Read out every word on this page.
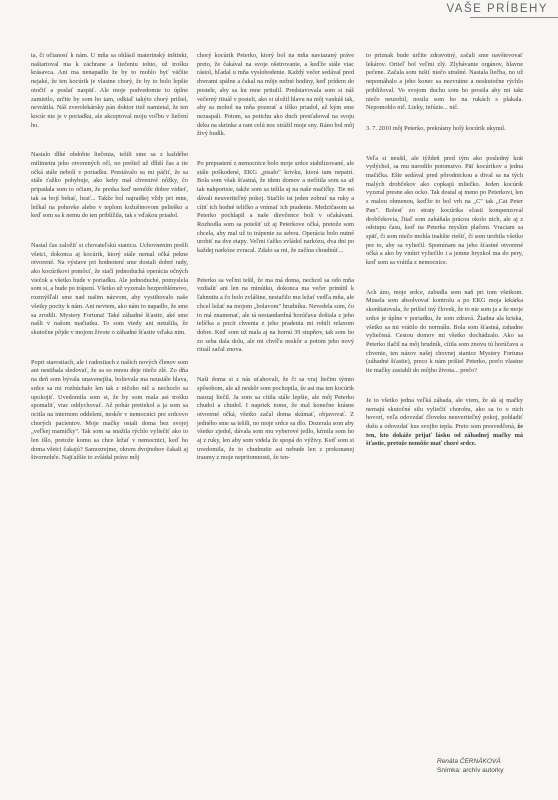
VAŠE PRÍBEHY

ta, či očianosť k nám. U mňa sa ohlásil materinský inštinkt, naštartoval ma k záchrane a liečeniu tohto, už trošku krásavca. Ani ma nenapadlo že by to mohlo byť väčšie nejaké, že ten kocúrik je vlastne chorý, že by to bolo lepšie otočiť a poslať naspäť. Ale moje podvedomie to úplne zamietlo, určite by som ho tam, odkiaľ takýto chorý prišiel, nevrátila. Náš zverolekársky pán doktor tiež namietal, že ten kocúr nie je v poriadku, ale akceptoval moju voľbu v liečení ho.

Nastalo dlhé obdobie liečenia, tešili sme sa z každého milimetra jeho otvorených očí, no prešiel už dlhší čas a tie očká stále nebolí v poriadku. Prestávalo sa mi páčiť, že sa stále ťažko pohybuje, ako keby mal chvenivé nôžky, čo pripadala som to očiam, že predsa keď nemôže dobre vidieť, tak sa bojí behať, hrať... Takže bol najradšej vždy pri mne, ležkal na pohovke alebo v teplom kožušinovom pelieško a keď som sa k nemu do ten priblížila, tak s vďakou priadol.

Nastal čas založiť si chovateľskú stanicu. Uchovnenim prešli všetci, dokonca aj kocúrik, ktorý stále nemal očká pekne otvorené. Na výstave pri hodnotení sme dostali dobré rady, ako kocúrikovi pomôcť, že stačí jednoduchá operácia očných viečok a všetko bude v poriadku. Ale jednoduché, pomyslela som si, a bude po trápení. Všetko už vyzeralo bezproblémovo, rozmýšľali sme nad našim názvom, aby vystihovalo naše všetky pocity k nám. Ani neviem, ako nám to napadlo, že sme sa zrodili. Mystery Fortuna! Také záhadné šťastie, aké sme našli v našom mačiatku. To som vtedy ani netušila, že skutočne pôjde v mojom živote o záhadné šťastie vďaka nim.

Popri starostiach, ale i radostiach z našich nových členov som ani nestihala sledovať, že sa so mnou deje niečo zlé. Zo dňa na deň som bývala unavenejšia, bolievala ma neustále hlava, srdce sa mi rozbúchalo len tak z ničoho nič a nechcelo sa upokojiť. Uvedomila som si, že by som mala asi trošku spomaliť, viac oddychovať. Až pohár pretiekol a ja som sa ocitla na internom oddelení, neskôr v nemocnici pre srdcovo chorých pacientov. Moje mačky ostali doma bez svojej „veľkej mamičky". Tak som sa snažila rýchlo vyliečiť ako to len išlo, pretože komu sa chce ležať v nemocnici, keď ho doma všetci čakajú? Samozrejme, okrem dvojnohov čakali aj štvornohče. Najťažšie to zvládal práve môj

chorý kocúrik Peterko, ktorý bol na mňa naviazaný práve preto, že čakával na svoje ošetrovanie, a keďže stále viac rástol, hľadal u mňa vyslobodenie. Každý večer sedával pred dverami spálne a čakal na môje nežné hodiny, keď prídem do postele, aby sa ku mne pritulil. Predstavovala som si náš večerný rituál v posteli, ako si uložil hlavu na môj vankúš tak, aby sa mohol na mňa pozerať a tíško priadol, až kým sme nezaspali. Potom, sa potichu ako duch presťahoval na svoju deku na skrinke a ram celú noc strážil moje sny. Ráno bol môj živý budík.

Po prepustení z nemocnice bolo moje srdce stabilizované, ale stále poškodené, EKG „pisalo" krivku, ktorá tam nepatrí. Bola som však šťastná, že idem domov a nečítila som sa až tak nahportsie, takže som sa tešila aj na naše mačičky. Tie mi dávali neuveriteľný pokoj. Stačilo ist jeden zobrať na ruky a cítiť ich hodné teličko a vnímať ich pradenie. Medzičasom sa Peterko pochlapil a naše dievčence boli v očakávaní. Rozhodla som sa potešiť už aj Peterkove očká, pretože som chcela, aby mal už to trápenie za sebou. Operácia bolo nutné urobiť na dve etapy. Veľmi ťažko zvládol narkózu, dva dni po každej narkóze zvracal. Zdalo sa mi, že začína chradnúť...

Peterko sa veľmi tešil, že ma má doma, nechcel sa odo mňa vzdialiť ani len na minútku, dokonca ma večer prinútil k ľahnutiu a čo bolo zvláštne, nestačilo mu ležať vedľa mňa, ale chcel ležať na mojom „bolavom" hrudníku. Nevedela som, čo to má znamenať, ale tá nestandardná horúčava došiala z jeho telíčka a pocit chvenia z jeho pradenia mi robili relaxom dobre. Keď som už mala aj na hornú 39 stupňov, tak som ho zo seba dala dolu, ale mi chvíľu neskôr a potom jeho nový rituál začal znova.

Naši doma si z nás uťahovali, že či sa vraj liečim týmto spôsobom, ale až neskôr som pochopila, že asi ma ten kocúrik naozaj liečil. Ja som sa cítila stále lepšie, ale môj Peterko chudol a chudol. I napriek tomu, že mal konečne krásne otvorené očká, všetko začal doma skúmať, objavovať. Z jedného sme sa tešili, no moje srdce sa dlo. Dozerala som aby všetko zjedol, dávala som mu vyberové jedlo, kŕmila som ho aj z ruky, len aby som videla že spopá do výživy. Keď som si uvedomila, že to chudnutie asi nebude len z prekonanej traumy z moje nepritomnosti, že ten-

to priznak bude určite zdravotný, začali sme navštevovať lekárov. Ortieľ bol veľmi zlý. Zlyhávanie orgánov, hlavne pečene. Začala som tušiť niečo strašné. Nastala liečba, no už nepomáhalo a jeho konec sa nezvrátne a neskutočne rýchlo približoval. Vo svojom duchu som ho prosila aby mi takt niečo neurobil, nosila som ho na rukách s plakala. Nepomohlo nič. Lieky, infúzie... nič.

3. 7. 2010 môj Peterko, prekrásny holý kocúrik ukynul.

Veľa si neušil, ale týždeň pred tým ako posledný krát vydýchol, sa mu narodilo potomstvo. Päť kocúrikov a jedna mačička. Ešte sedával pred pôrodnickou a dival sa na tých malých drobčekov ako copkajú mliečko. Jeden kocúrik vyzeral presne ako ocko. Tak dostal aj meno po Peterkovi, len s malou obmenou, keďže to bol vrh na „C" tak „Cat Peter Pan". Bolesť zo straty kocúrika sčasti kompenzoval drobčekovia, ľtiaľ som zaháňala prácou okolo nich, ale aj z odstupu času, keď na Peterka myslím plačem. Vraciam sa späť, či som niečo mohla inakšie riešiť, či som urobila všetko pre to, aby sa vyliečil. Spomínam na jeho šťastné otvorené očká a ako by vnútri vyliečilo i a jemne hryzkol ma do pery, keď som sa vrátila z nemocnice.

Ach áno, moje srdce, zabudla som naň pri tom všetkom. Musela som absolvovať kontrolu a po EKG moja lekárka skonštatovala, že prišiel iný človek, že to nie som ja a že moje srdce je úplne v poriadku, že som zdravá. Žiadna ala kriska, všetko sa mi vrátilo do normálu. Bola som šťastná, zahadne vyliečená. Cestou domov mi všetko dochádzalo. Ako sa Peterko tlačil na môj hrudník, cítila som znovu tú horúčavu a chvenie, ten názov našej chovnej stanice Mystery Fortuna (záhadné šťastie), preco k nám prišiel Peterko, prečo vlastne tie mačky zasiahli do môjho života... prečo?

Je to všetko jedna veľká záhada, ale viem, že ak aj mačky nemajú skutočné silu vyliečiť chorobu, ako sa to o nich hovorí, veľa odovzdať človeku neuveriteľný pokoj, pohladiť dušu a odovzdať kus svojho tepla. Preto som presvedčená, že ten, kto dokáže prijať lásku od záhadnej mačky má šťastie, pretože nemôže mať choré srdce.

Renáta ČERNÁKOVÁ
Snímka: archív autorky
